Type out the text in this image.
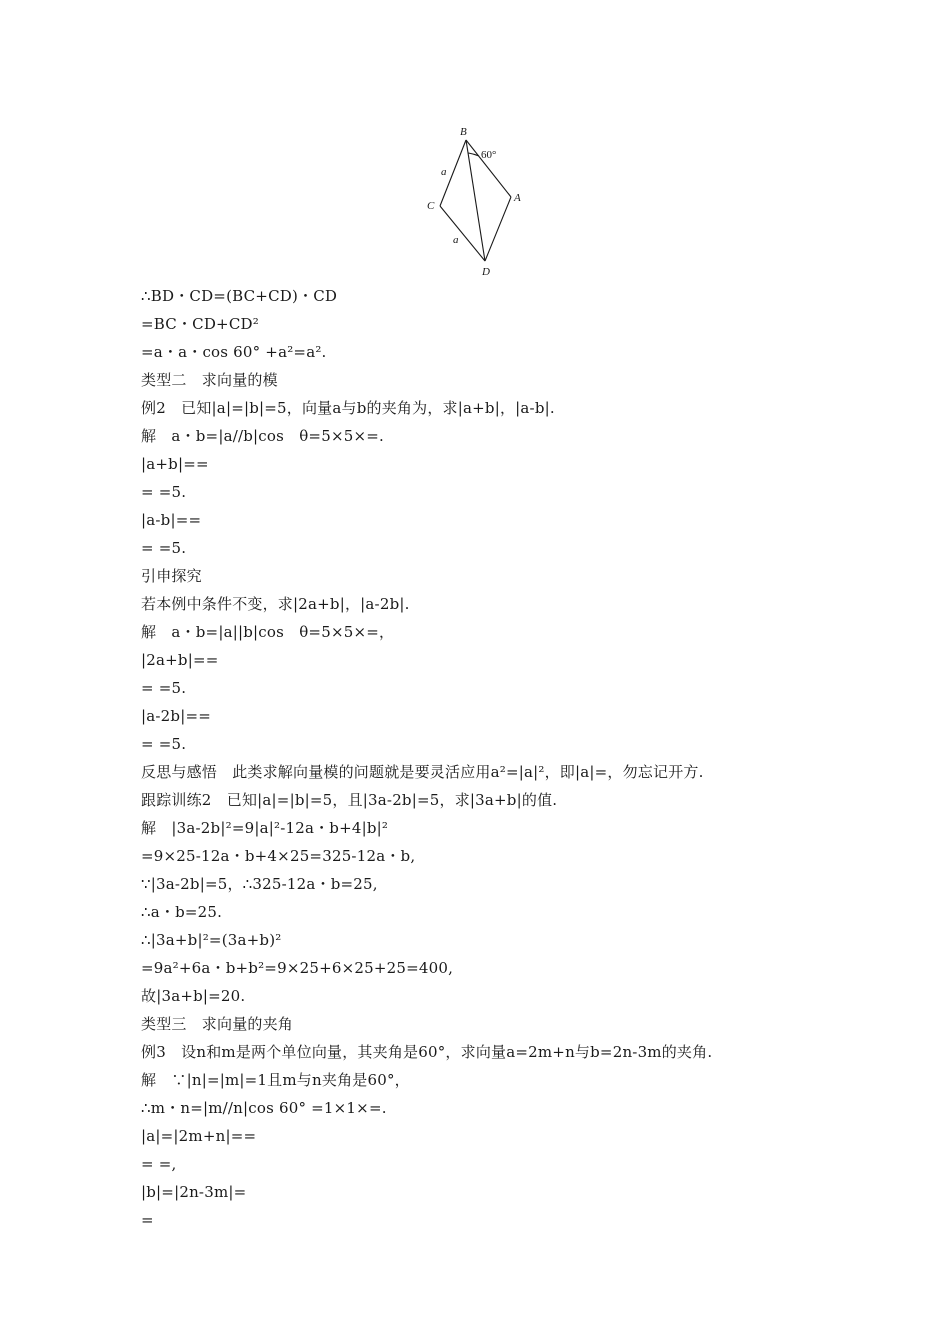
B
60°
a
C
A
a
D
∴BD・CD=(BC+CD)・CD
=BC・CD+CD²
=a・a・cos 60° +a²=a².
类型二　求向量的模
例2　已知|a|=|b|=5，向量a与b的夹角为，求|a+b|，|a-b|.
解　a・b=|a//b|cos　θ=5×5×=.
|a+b|==
= =5.
|a-b|==
= =5.
引申探究
若本例中条件不变，求|2a+b|，|a-2b|.
解　a・b=|a||b|cos　θ=5×5×=，
|2a+b|==
= =5.
|a-2b|==
= =5.
反思与感悟　此类求解向量模的问题就是要灵活应用a²=|a|²，即|a|=，勿忘记开方.
跟踪训练2　已知|a|=|b|=5，且|3a-2b|=5，求|3a+b|的值.
解　|3a-2b|²=9|a|²-12a・b+4|b|²
=9×25-12a・b+4×25=325-12a・b,
∵|3a-2b|=5，∴325-12a・b=25,
∴a・b=25.
∴|3a+b|²=(3a+b)²
=9a²+6a・b+b²=9×25+6×25+25=400,
故|3a+b|=20.
类型三　求向量的夹角
例3　设n和m是两个单位向量，其夹角是60°，求向量a=2m+n与b=2n-3m的夹角.
解　∵|n|=|m|=1且m与n夹角是60°，
∴m・n=|m//n|cos 60° =1×1×=.
|a|=|2m+n|==
= =,
|b|=|2n-3m|=
=
